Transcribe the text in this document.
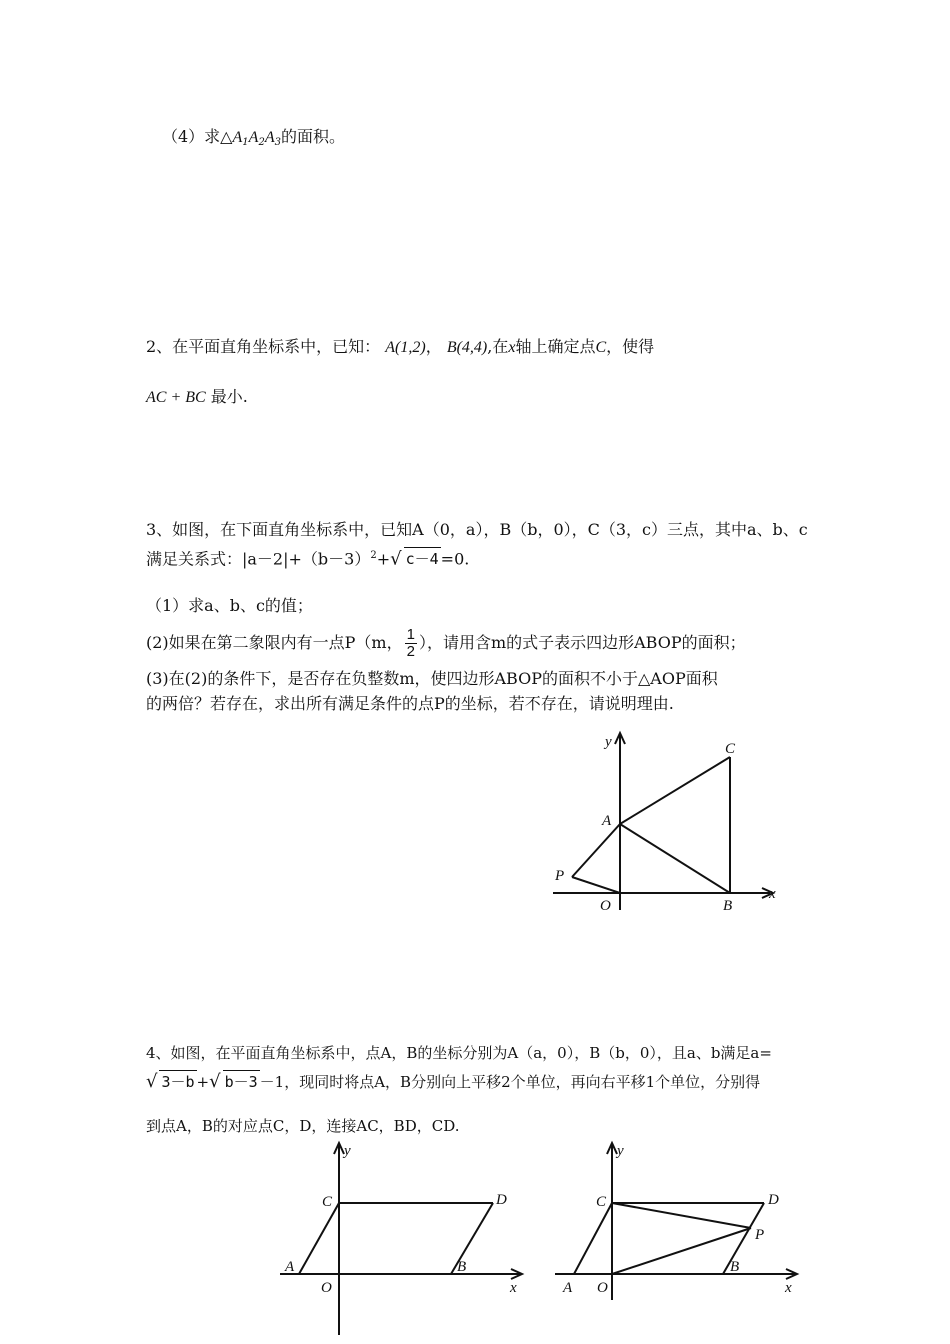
（4）求△A1A2A3的面积。
2、在平面直角坐标系中，已知： A(1,2)， B(4,4),在x轴上确定点C，使得
AC + BC 最小.
3、如图，在下面直角坐标系中，已知A（0，a），B（b，0），C（3，c）三点，其中a、b、c
满足关系式：$|a-2|+(b-3)^2+√$ c－4 =0.
（1）求a、b、c的值；
(2)如果在第二象限内有一点P（m， $\frac{1}{2}$ ），请用含m的式子表示四边形ABOP的面积；
(3)在(2)的条件下，是否存在负整数m，使四边形ABOP的面积不小于△AOP面积
的两倍？若存在，求出所有满足条件的点P的坐标，若不存在，请说明理由.
y	C
A
P
O	B
x
4、如图，在平面直角坐标系中，点A，B的坐标分别为A（a，0），B（b，0），且a、b满足a=
√ 3－b +√ b－3 －1，现同时将点A，B分别向上平移2个单位，再向右平移1个单位，分别得
到点A，B的对应点C，D，连接AC，BD，CD.
y
C	D
A
O
B
x
y
C	D
P
A O
B
x
